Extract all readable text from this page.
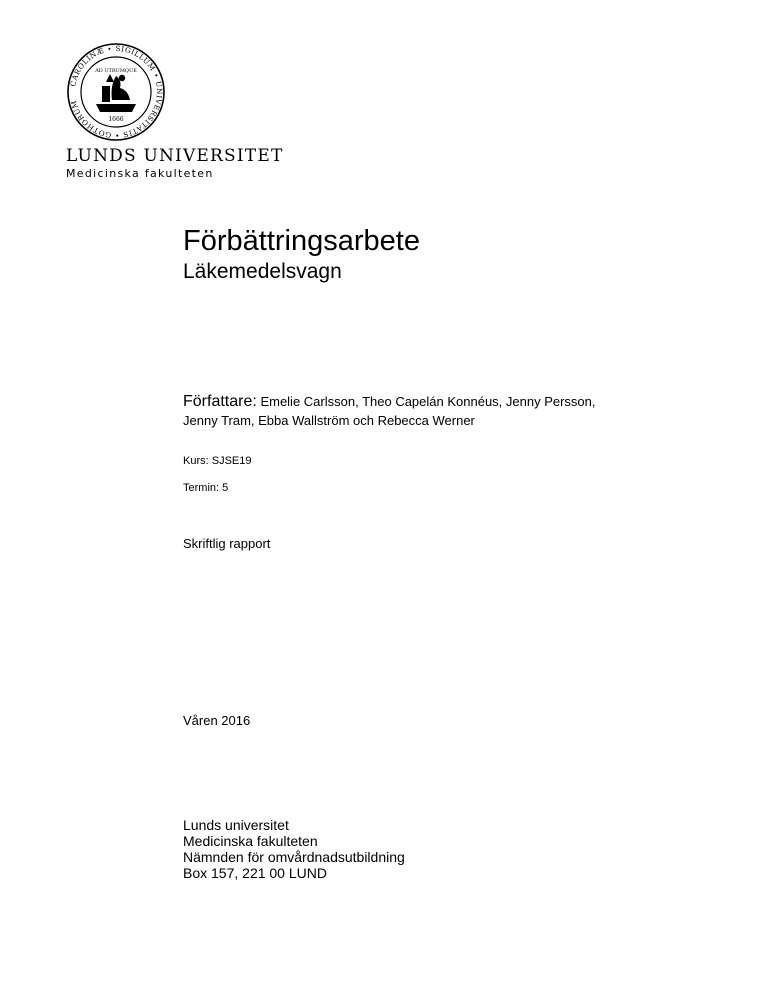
CAROLINÆ • SIGILLUM • UNIVERSITATIS • GOTHORUM
1666
AD UTRUMQUE
LUNDS UNIVERSITET
Medicinska fakulteten
Förbättringsarbete
Läkemedelsvagn
Författare: Emelie Carlsson, Theo Capelán Konnéus, Jenny Persson,
Jenny Tram, Ebba Wallström och Rebecca Werner
Kurs: SJSE19
Termin: 5
Skriftlig rapport
Våren 2016
Lunds universitet
Medicinska fakulteten
Nämnden för omvårdnadsutbildning
Box 157, 221 00 LUND
